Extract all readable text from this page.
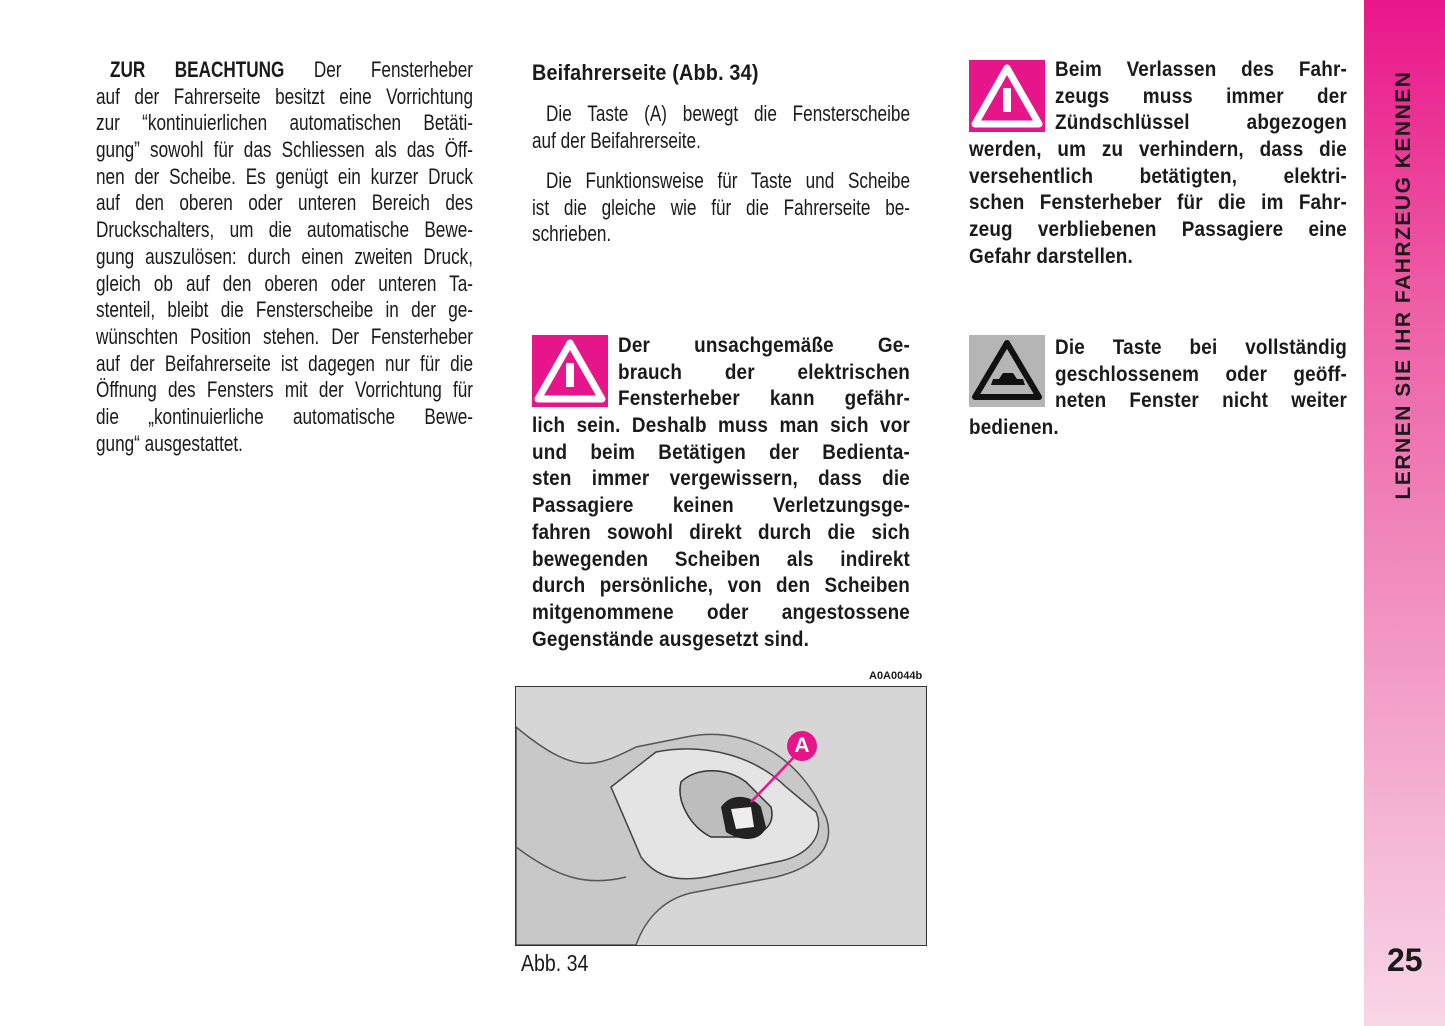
ZUR BEACHTUNG Der Fensterheber
auf der Fahrerseite besitzt eine Vorrichtung
zur “kontinuierlichen automatischen Betäti-
gung” sowohl für das Schliessen als das Öff-
nen der Scheibe. Es genügt ein kurzer Druck
auf den oberen oder unteren Bereich des
Druckschalters, um die automatische Bewe-
gung auszulösen: durch einen zweiten Druck,
gleich ob auf den oberen oder unteren Ta-
stenteil, bleibt die Fensterscheibe in der ge-
wünschten Position stehen. Der Fensterheber
auf der Beifahrerseite ist dagegen nur für die
Öffnung des Fensters mit der Vorrichtung für
die „kontinuierliche automatische Bewe-
gung“ ausgestattet.
Beifahrerseite (Abb. 34)
Die Taste (A) bewegt die Fensterscheibe
auf der Beifahrerseite.
Die Funktionsweise für Taste und Scheibe
ist die gleiche wie für die Fahrerseite be-
schrieben.
Der unsachgemäße Ge-
brauch der elektrischen
Fensterheber kann gefähr-
lich sein. Deshalb muss man sich vor
und beim Betätigen der Bedienta-
sten immer vergewissern, dass die
Passagiere keinen Verletzungsge-
fahren sowohl direkt durch die sich
bewegenden Scheiben als indirekt
durch persönliche, von den Scheiben
mitgenommene oder angestossene
Gegenstände ausgesetzt sind.
A0A0044b
A
Abb. 34
Beim Verlassen des Fahr-
zeugs muss immer der
Zündschlüssel abgezogen
werden, um zu verhindern, dass die
versehentlich betätigten, elektri-
schen Fensterheber für die im Fahr-
zeug verbliebenen Passagiere eine
Gefahr darstellen.
Die Taste bei vollständig
geschlossenem oder geöff-
neten Fenster nicht weiter
bedienen.	LERNEN SIE IHR FAHRZEUG KENNEN
25
